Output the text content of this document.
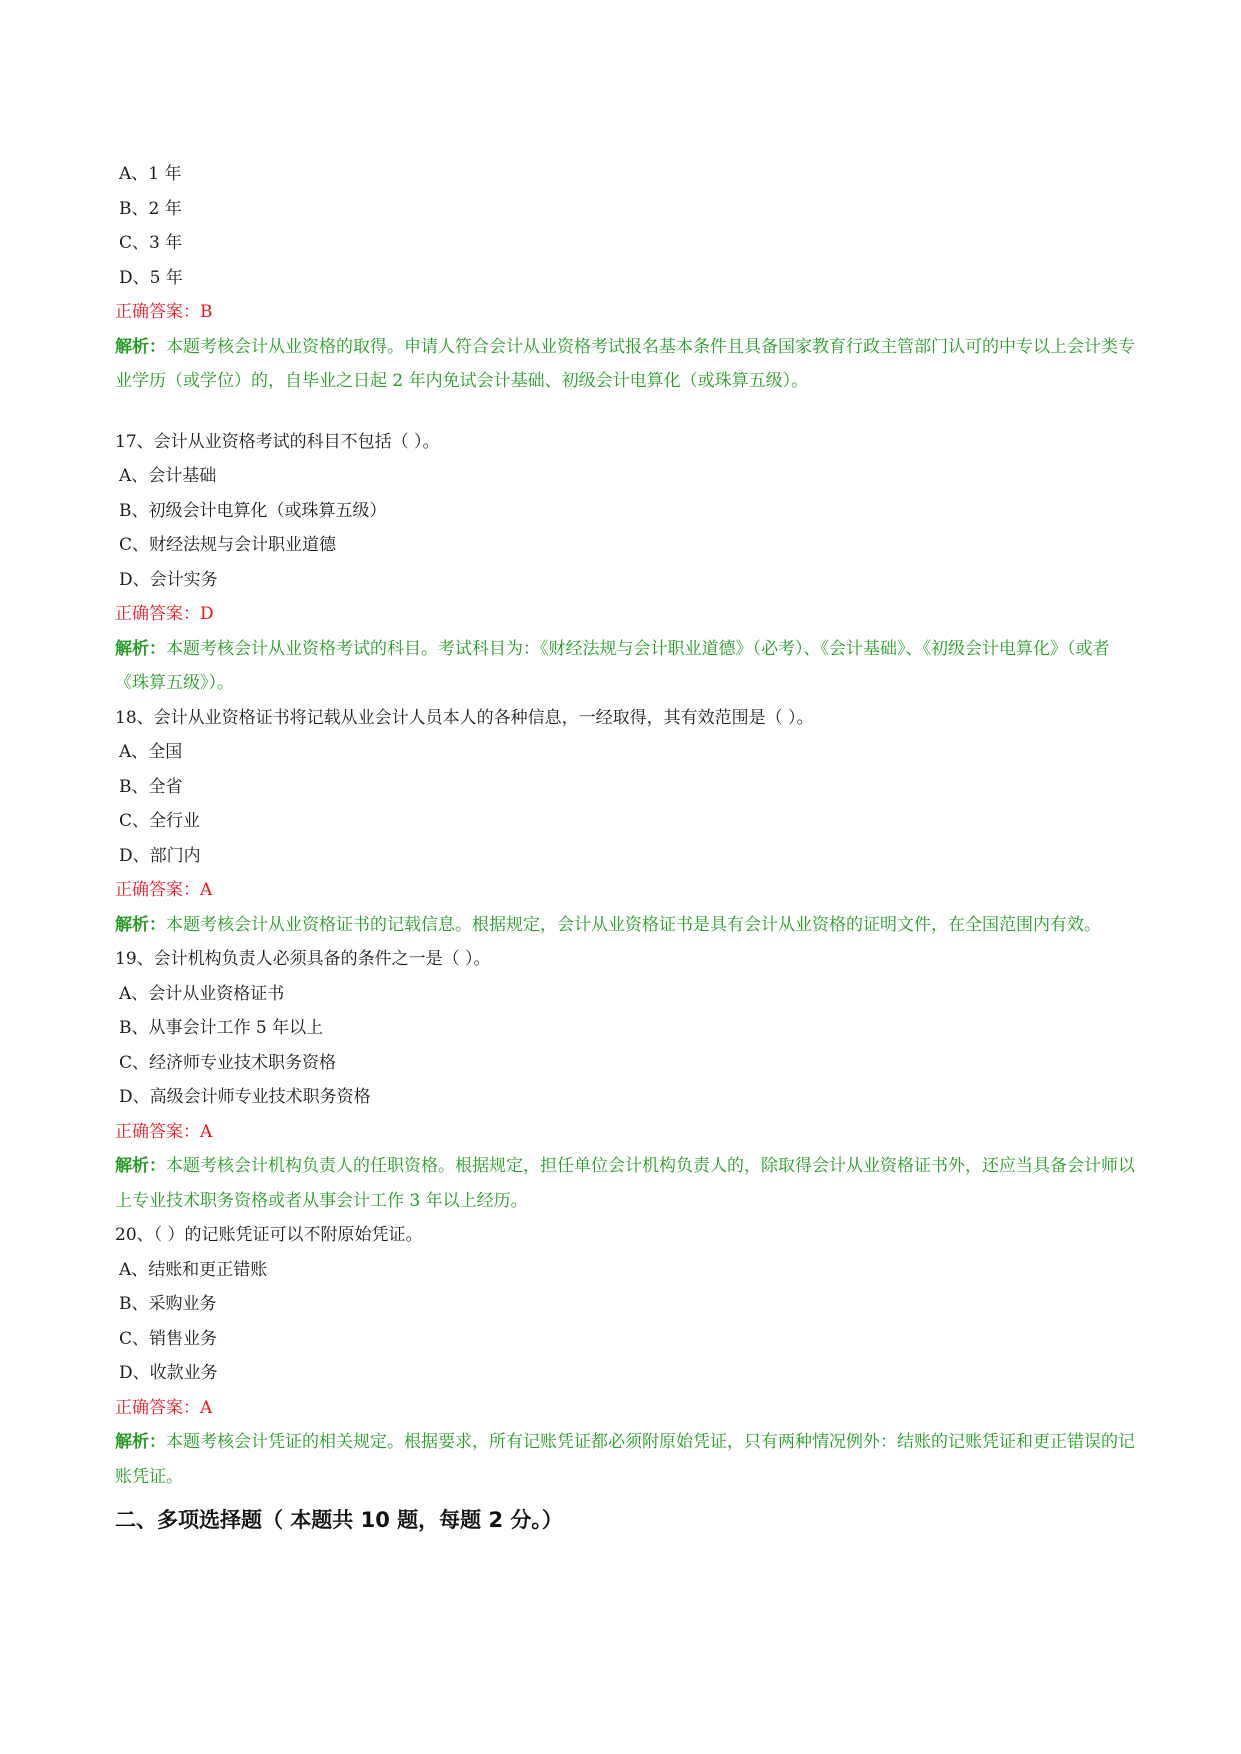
A、1 年
B、2 年
C、3 年
D、5 年
正确答案：B
解析：本题考核会计从业资格的取得。申请人符合会计从业资格考试报名基本条件且具备国家教育行政主管部门认可的中专以上会计类专业学历（或学位）的，自毕业之日起 2 年内免试会计基础、初级会计电算化（或珠算五级）。
17、会计从业资格考试的科目不包括（ ）。
A、会计基础
B、初级会计电算化（或珠算五级）
C、财经法规与会计职业道德
D、会计实务
正确答案：D
解析：本题考核会计从业资格考试的科目。考试科目为：《财经法规与会计职业道德》（必考）、《会计基础》、《初级会计电算化》（或者《珠算五级》）。
18、会计从业资格证书将记载从业会计人员本人的各种信息，一经取得，其有效范围是（ ）。
A、全国
B、全省
C、全行业
D、部门内
正确答案：A
解析：本题考核会计从业资格证书的记载信息。根据规定，会计从业资格证书是具有会计从业资格的证明文件，在全国范围内有效。
19、会计机构负责人必须具备的条件之一是（ ）。
A、会计从业资格证书
B、从事会计工作 5 年以上
C、经济师专业技术职务资格
D、高级会计师专业技术职务资格
正确答案：A
解析：本题考核会计机构负责人的任职资格。根据规定，担任单位会计机构负责人的，除取得会计从业资格证书外，还应当具备会计师以上专业技术职务资格或者从事会计工作 3 年以上经历。
20、（ ）的记账凭证可以不附原始凭证。
A、结账和更正错账
B、采购业务
C、销售业务
D、收款业务
正确答案：A
解析：本题考核会计凭证的相关规定。根据要求，所有记账凭证都必须附原始凭证，只有两种情况例外：结账的记账凭证和更正错误的记账凭证。
二、多项选择题（ 本题共 10 题，每题 2 分。）
